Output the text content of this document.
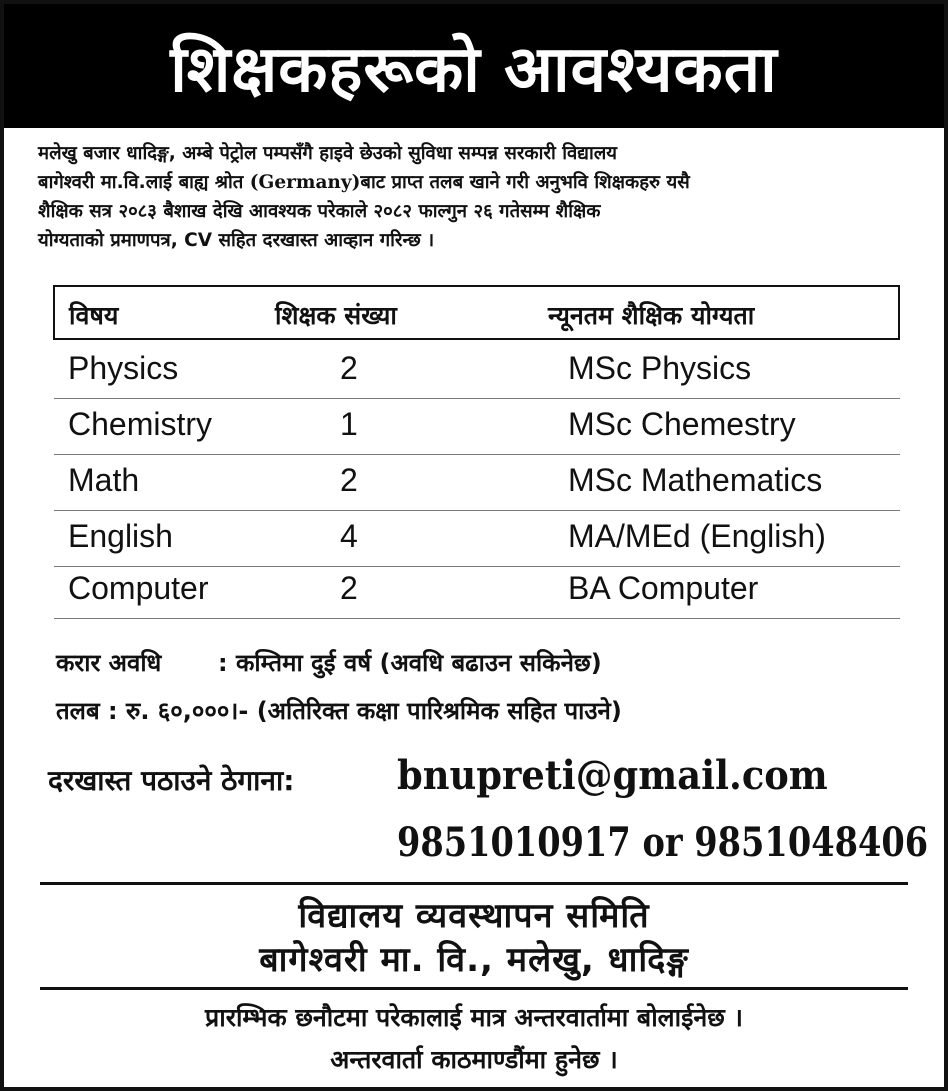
शिक्षकहरूको आवश्यकता
मलेखु बजार धादिङ्ग, अम्बे पेट्रोल पम्पसँगै हाइवे छेउको सुविधा सम्पन्न सरकारी विद्यालय
बागेश्वरी मा.वि.लाई बाह्य श्रोत (Germany)बाट प्राप्त तलब खाने गरी अनुभवि शिक्षकहरु यसै
शैक्षिक सत्र २०८३ बैशाख देखि आवश्यक परेकाले २०८२ फाल्गुन २६ गतेसम्म शैक्षिक
योग्यताको प्रमाणपत्र, CV सहित दरखास्त आव्हान गरिन्छ ।
विषय	शिक्षक संख्या	न्यूनतम शैक्षिक योग्यता
Physics	2	MSc Physics
Chemistry	1	MSc Chemestry
Math	2	MSc Mathematics
English	4	MA/MEd (English)
Computer	2	BA Computer
करार अवधि : कम्तिमा दुई वर्ष (अवधि बढाउन सकिनेछ)
तलब : रु. ६०,०००।- (अतिरिक्त कक्षा पारिश्रमिक सहित पाउने)
दरखास्त पठाउने ठेगाना:	bnupreti@gmail.com
9851010917 or 9851048406
विद्यालय व्यवस्थापन समिति
बागेश्वरी मा. वि., मलेखु, धादिङ्ग
प्रारम्भिक छनौटमा परेकालाई मात्र अन्तरवार्तामा बोलाईनेछ ।
अन्तरवार्ता काठमाण्डौंमा हुनेछ ।
